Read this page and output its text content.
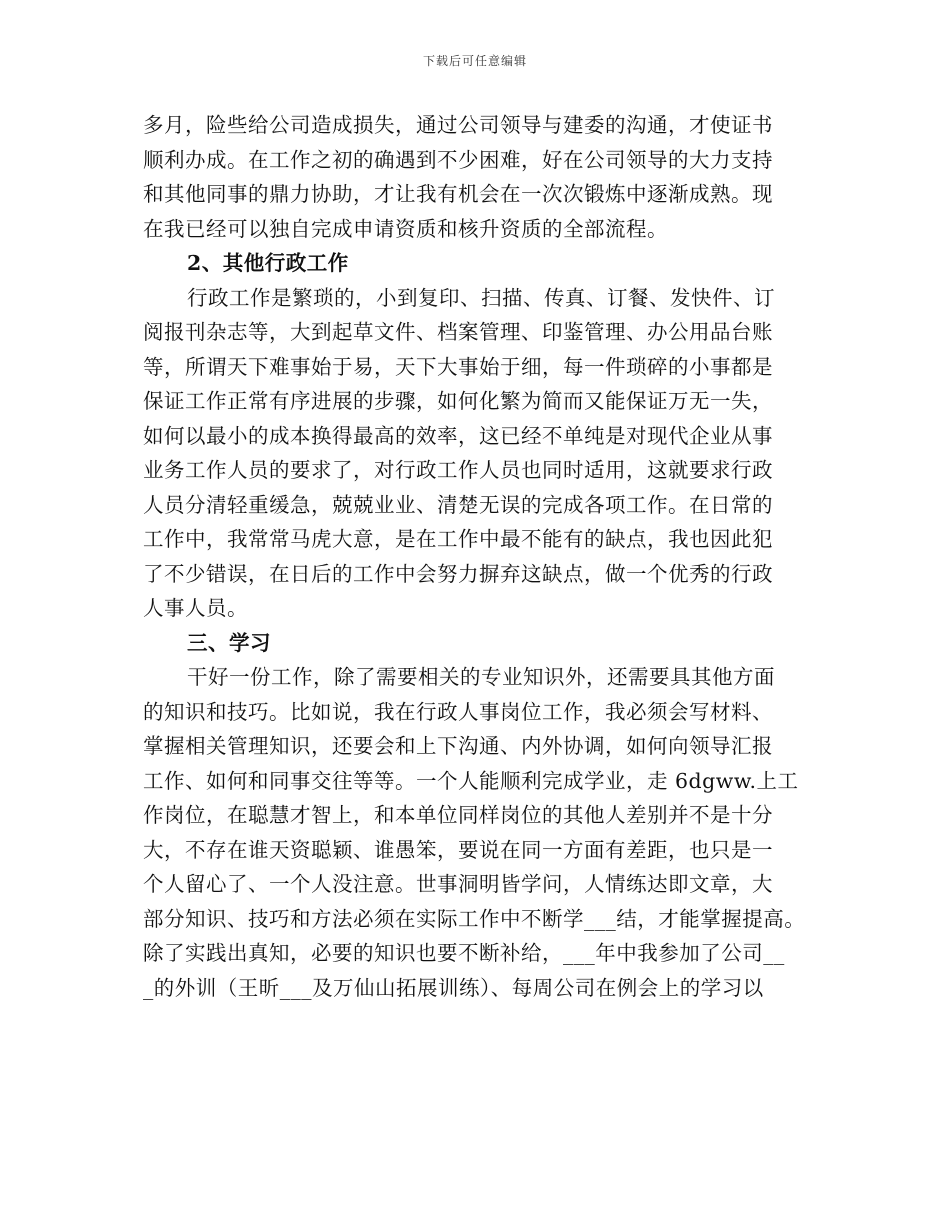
下载后可任意编辑
多月，险些给公司造成损失，通过公司领导与建委的沟通，才使证书
顺利办成。在工作之初的确遇到不少困难，好在公司领导的大力支持
和其他同事的鼎力协助，才让我有机会在一次次锻炼中逐渐成熟。现
在我已经可以独自完成申请资质和核升资质的全部流程。
2、其他行政工作
行政工作是繁琐的，小到复印、扫描、传真、订餐、发快件、订
阅报刊杂志等，大到起草文件、档案管理、印鉴管理、办公用品台账
等，所谓天下难事始于易，天下大事始于细，每一件琐碎的小事都是
保证工作正常有序进展的步骤，如何化繁为简而又能保证万无一失，
如何以最小的成本换得最高的效率，这已经不单纯是对现代企业从事
业务工作人员的要求了，对行政工作人员也同时适用，这就要求行政
人员分清轻重缓急，兢兢业业、清楚无误的完成各项工作。在日常的
工作中，我常常马虎大意，是在工作中最不能有的缺点，我也因此犯
了不少错误，在日后的工作中会努力摒弃这缺点，做一个优秀的行政
人事人员。
三、学习
干好一份工作，除了需要相关的专业知识外，还需要具其他方面
的知识和技巧。比如说，我在行政人事岗位工作，我必须会写材料、
掌握相关管理知识，还要会和上下沟通、内外协调，如何向领导汇报
工作、如何和同事交往等等。一个人能顺利完成学业，走 6dgww.上工
作岗位，在聪慧才智上，和本单位同样岗位的其他人差别并不是十分
大，不存在谁天资聪颖、谁愚笨，要说在同一方面有差距，也只是一
个人留心了、一个人没注意。世事洞明皆学问，人情练达即文章，大
部分知识、技巧和方法必须在实际工作中不断学___结，才能掌握提高。
除了实践出真知，必要的知识也要不断补给，___年中我参加了公司__
_的外训（王昕___及万仙山拓展训练）、每周公司在例会上的学习以
